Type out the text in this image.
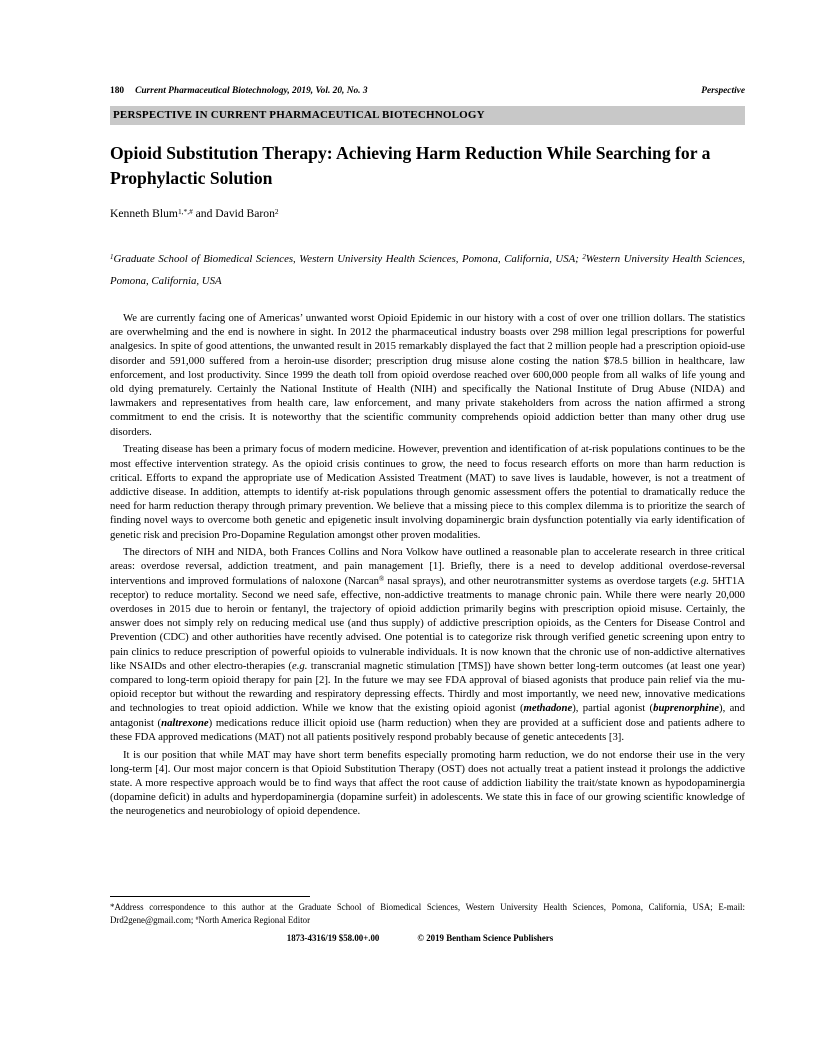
180 Current Pharmaceutical Biotechnology, 2019, Vol. 20, No. 3	Perspective
PERSPECTIVE IN CURRENT PHARMACEUTICAL BIOTECHNOLOGY
Opioid Substitution Therapy: Achieving Harm Reduction While Searching for a Prophylactic Solution
Kenneth Blum$^{1,*,\#}$ and David Baron$^2$
$^1$Graduate School of Biomedical Sciences, Western University Health Sciences, Pomona, California, USA; $^2$Western University Health Sciences, Pomona, California, USA

We are currently facing one of Americas’ unwanted worst Opioid Epidemic in our history with a cost of over one trillion dollars. The statistics are overwhelming and the end is nowhere in sight. In 2012 the pharmaceutical industry boasts over 298 million legal prescriptions for powerful analgesics. In spite of good attentions, the unwanted result in 2015 remarkably displayed the fact that 2 million people had a prescription opioid-use disorder and 591,000 suffered from a heroin-use disorder; prescription drug misuse alone costing the nation $78.5 billion in healthcare, law enforcement, and lost productivity. Since 1999 the death toll from opioid overdose reached over 600,000 people from all walks of life young and old dying prematurely. Certainly the National Institute of Health (NIH) and specifically the National Institute of Drug Abuse (NIDA) and lawmakers and representatives from health care, law enforcement, and many private stakeholders from across the nation affirmed a strong commitment to end the crisis. It is noteworthy that the scientific community comprehends opioid addiction better than many other drug use disorders.

Treating disease has been a primary focus of modern medicine. However, prevention and identification of at-risk populations continues to be the most effective intervention strategy. As the opioid crisis continues to grow, the need to focus research efforts on more than harm reduction is critical. Efforts to expand the appropriate use of Medication Assisted Treatment (MAT) to save lives is laudable, however, is not a treatment of addictive disease. In addition, attempts to identify at-risk populations through genomic assessment offers the potential to dramatically reduce the need for harm reduction therapy through primary prevention. We believe that a missing piece to this complex dilemma is to prioritize the search of finding novel ways to overcome both genetic and epigenetic insult involving dopaminergic brain dysfunction potentially via early identification of genetic risk and precision Pro-Dopamine Regulation amongst other proven modalities.

The directors of NIH and NIDA, both Frances Collins and Nora Volkow have outlined a reasonable plan to accelerate research in three critical areas: overdose reversal, addiction treatment, and pain management [1]. Briefly, there is a need to develop additional overdose-reversal interventions and improved formulations of naloxone (Narcan® nasal sprays), and other neurotransmitter systems as overdose targets (e.g. 5HT1A receptor) to reduce mortality. Second we need safe, effective, non-addictive treatments to manage chronic pain. While there were nearly 20,000 overdoses in 2015 due to heroin or fentanyl, the trajectory of opioid addiction primarily begins with prescription opioid misuse. Certainly, the answer does not simply rely on reducing medical use (and thus supply) of addictive prescription opioids, as the Centers for Disease Control and Prevention (CDC) and other authorities have recently advised. One potential is to categorize risk through verified genetic screening upon entry to pain clinics to reduce prescription of powerful opioids to vulnerable individuals. It is now known that the chronic use of non-addictive alternatives like NSAIDs and other electro-therapies (e.g. transcranial magnetic stimulation [TMS]) have shown better long-term outcomes (at least one year) compared to long-term opioid therapy for pain [2]. In the future we may see FDA approval of biased agonists that produce pain relief via the mu-opioid receptor but without the rewarding and respiratory depressing effects. Thirdly and most importantly, we need new, innovative medications and technologies to treat opioid addiction. While we know that the existing opioid agonist (methadone), partial agonist (buprenorphine), and antagonist (naltrexone) medications reduce illicit opioid use (harm reduction) when they are provided at a sufficient dose and patients adhere to these FDA approved medications (MAT) not all patients positively respond probably because of genetic antecedents [3].

It is our position that while MAT may have short term benefits especially promoting harm reduction, we do not endorse their use in the very long-term [4]. Our most major concern is that Opioid Substitution Therapy (OST) does not actually treat a patient instead it prolongs the addictive state. A more respective approach would be to find ways that affect the root cause of addiction liability the trait/state known as hypodopaminergia (dopamine deficit) in adults and hyperdopaminergia (dopamine surfeit) in adolescents. We state this in face of our growing scientific knowledge of the neurogenetics and neurobiology of opioid dependence.

*Address correspondence to this author at the Graduate School of Biomedical Sciences, Western University Health Sciences, Pomona, California, USA; E-mail: Drd2gene@gmail.com; #North America Regional Editor
1873-4316/19 $58.00+.00	© 2019 Bentham Science Publishers
